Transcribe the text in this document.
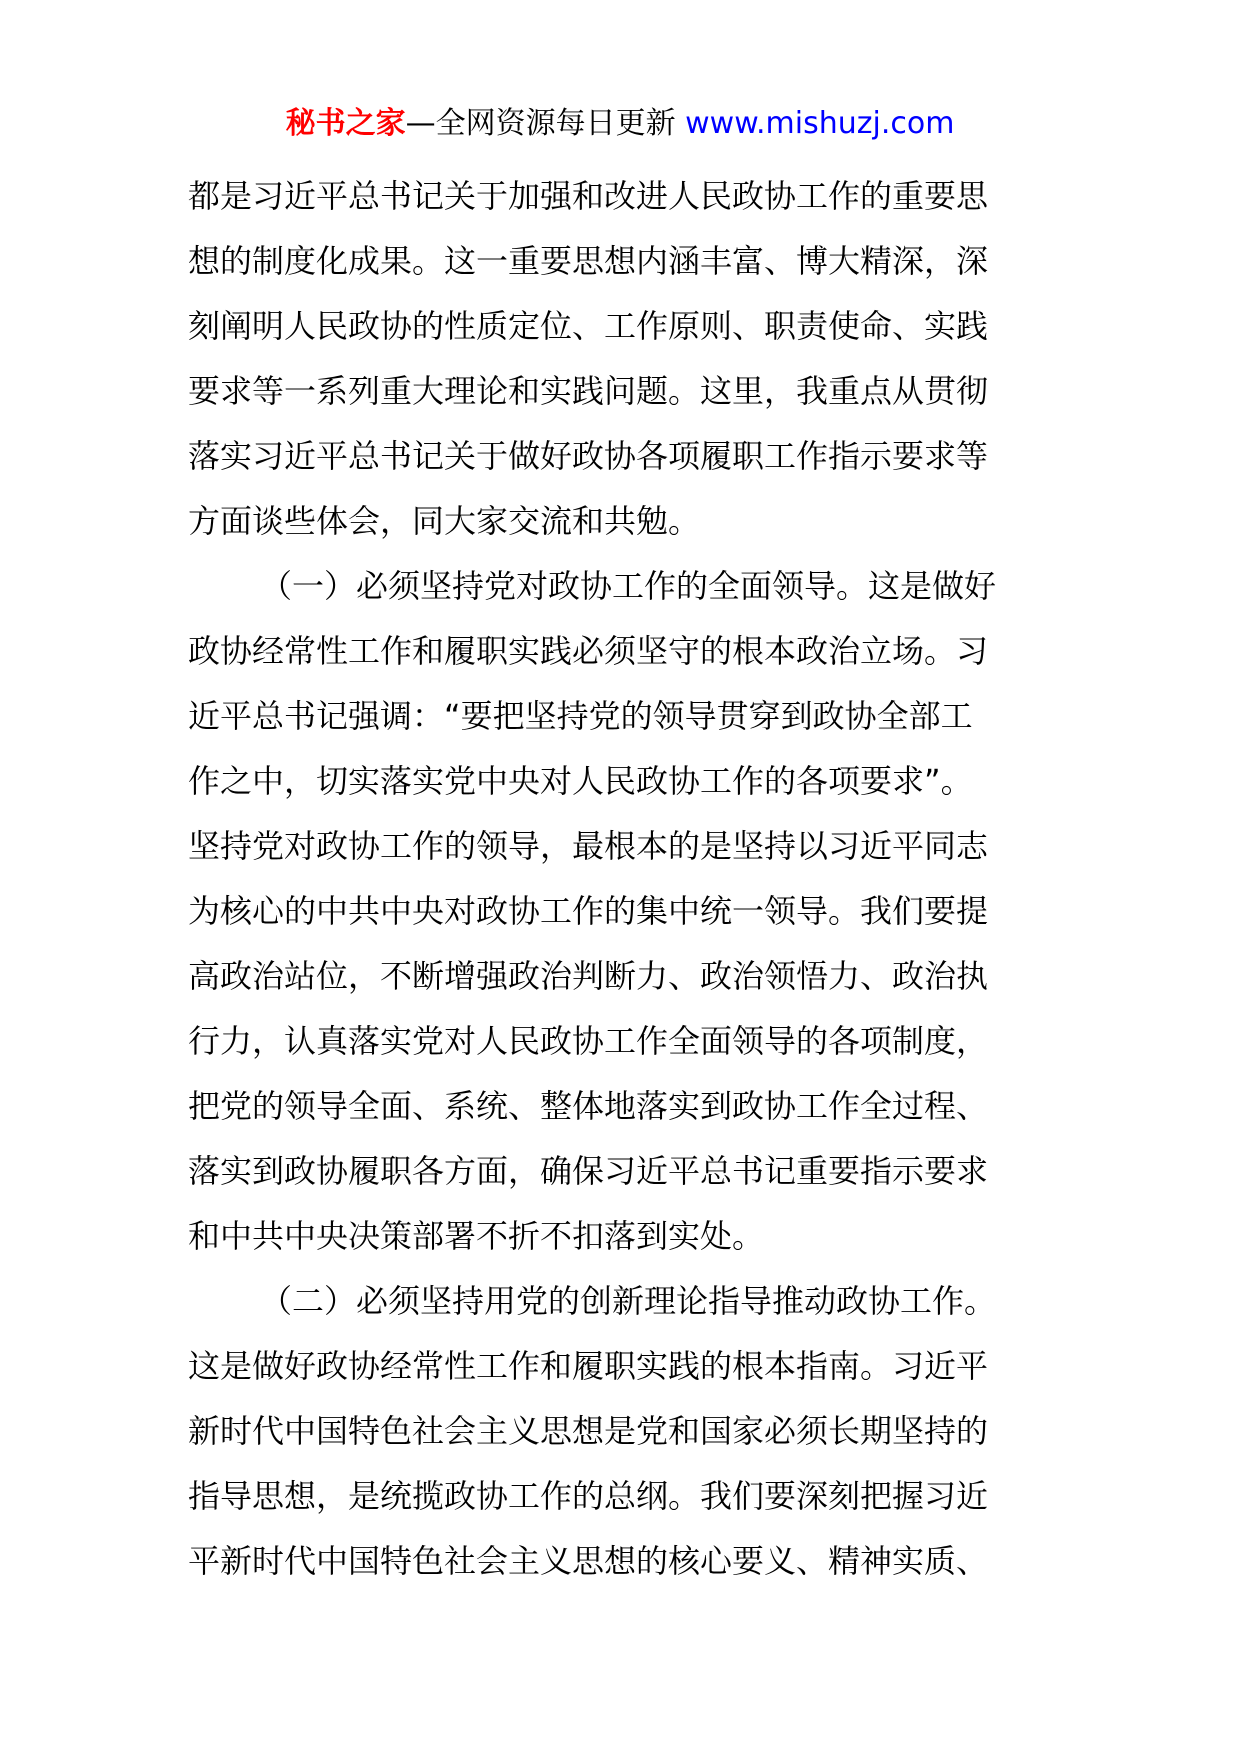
秘书之家—全网资源每日更新 www.mishuzj.com

都是习近平总书记关于加强和改进人民政协工作的重要思
想的制度化成果。这一重要思想内涵丰富、博大精深，深
刻阐明人民政协的性质定位、工作原则、职责使命、实践
要求等一系列重大理论和实践问题。这里，我重点从贯彻
落实习近平总书记关于做好政协各项履职工作指示要求等
方面谈些体会，同大家交流和共勉。

（一）必须坚持党对政协工作的全面领导。这是做好
政协经常性工作和履职实践必须坚守的根本政治立场。习
近平总书记强调：“要把坚持党的领导贯穿到政协全部工
作之中，切实落实党中央对人民政协工作的各项要求”。
坚持党对政协工作的领导，最根本的是坚持以习近平同志
为核心的中共中央对政协工作的集中统一领导。我们要提
高政治站位，不断增强政治判断力、政治领悟力、政治执
行力，认真落实党对人民政协工作全面领导的各项制度，
把党的领导全面、系统、整体地落实到政协工作全过程、
落实到政协履职各方面，确保习近平总书记重要指示要求
和中共中央决策部署不折不扣落到实处。

（二）必须坚持用党的创新理论指导推动政协工作。
这是做好政协经常性工作和履职实践的根本指南。习近平
新时代中国特色社会主义思想是党和国家必须长期坚持的
指导思想，是统揽政协工作的总纲。我们要深刻把握习近
平新时代中国特色社会主义思想的核心要义、精神实质、
